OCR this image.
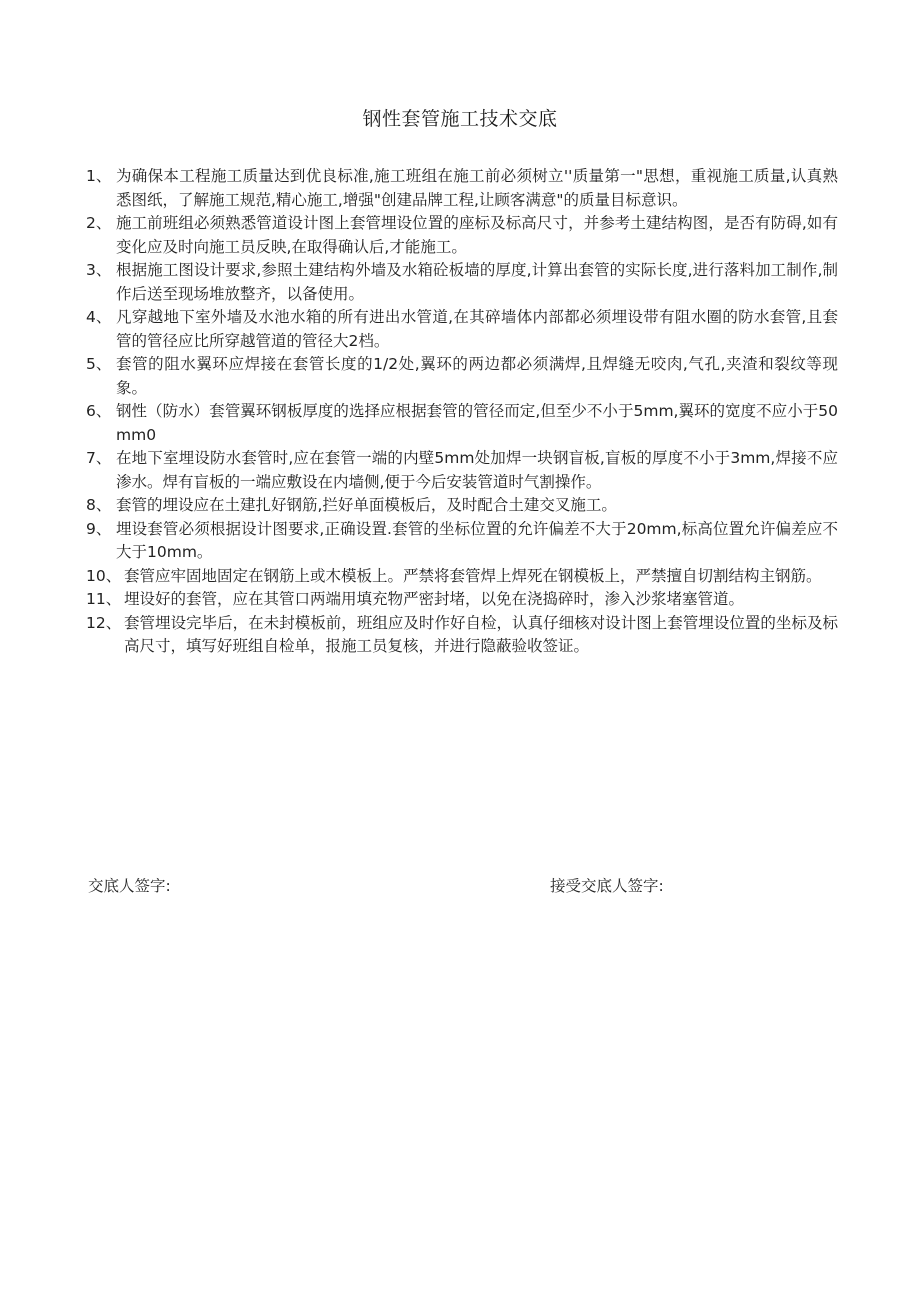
钢性套管施工技术交底
1、 为确保本工程施工质量达到优良标准,施工班组在施工前必须树立''质量第一"思想，重视施工质量,认真熟悉图纸，了解施工规范,精心施工,增强"创建品牌工程,让顾客满意"的质量目标意识。
2、 施工前班组必须熟悉管道设计图上套管埋设位置的座标及标高尺寸，并参考土建结构图，是否有防碍,如有变化应及时向施工员反映,在取得确认后,才能施工。
3、 根据施工图设计要求,参照土建结构外墙及水箱砼板墙的厚度,计算出套管的实际长度,进行落料加工制作,制作后送至现场堆放整齐，以备使用。
4、 凡穿越地下室外墙及水池水箱的所有进出水管道,在其碎墙体内部都必须埋设带有阻水圈的防水套管,且套管的管径应比所穿越管道的管径大2档。
5、 套管的阻水翼环应焊接在套管长度的1/2处,翼环的两边都必须满焊,且焊缝无咬肉,气孔,夹渣和裂纹等现象。
6、 钢性（防水）套管翼环钢板厚度的选择应根据套管的管径而定,但至少不小于5mm,翼环的宽度不应小于50mm0
7、 在地下室埋设防水套管时,应在套管一端的内壁5mm处加焊一块钢盲板,盲板的厚度不小于3mm,焊接不应渗水。焊有盲板的一端应敷设在内墙侧,便于今后安装管道时气割操作。
8、 套管的埋设应在土建扎好钢筋,拦好单面模板后，及时配合土建交叉施工。
9、 埋设套管必须根据设计图要求,正确设置.套管的坐标位置的允许偏差不大于20mm,标高位置允许偏差应不大于10mm。
10、 套管应牢固地固定在钢筋上或木模板上。严禁将套管焊上焊死在钢模板上，严禁擅自切割结构主钢筋。
11、 埋设好的套管，应在其管口两端用填充物严密封堵，以免在浇捣碎时，渗入沙浆堵塞管道。
12、 套管埋设完毕后，在未封模板前，班组应及时作好自检，认真仔细核对设计图上套管埋设位置的坐标及标高尺寸，填写好班组自检单，报施工员复核，并进行隐蔽验收签证。
交底人签字:	接受交底人签字:
